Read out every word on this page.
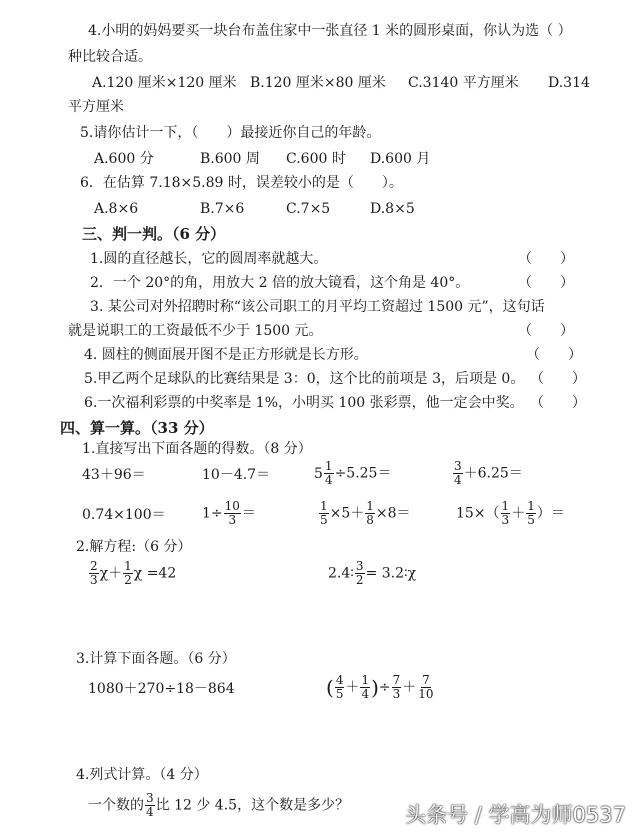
4.小明的妈妈要买一块台布盖住家中一张直径 1 米的圆形桌面，你认为选（ ）
种比较合适。
A.120 厘米×120 厘米 B.120 厘米×80 厘米 C.3140 平方厘米 D.314
平方厘米
5.请你估计一下，（　　）最接近你自己的年龄。
A.600 分	B.600 周 C.600 时 D.600 月
6．在估算 7.18×5.89 时，误差较小的是（　　）。
A.8×6	B.7×6	C.7×5	D.8×5
三、判一判。（6 分）
1.圆的直径越长，它的圆周率就越大。	（　　）
2．一个 20°的角，用放大 2 倍的放大镜看，这个角是 40°。	（　　）
3. 某公司对外招聘时称“该公司职工的月平均工资超过 1500 元”，这句话
就是说职工的工资最低不少于 1500 元。	（　　）
4. 圆柱的侧面展开图不是正方形就是长方形。	（　　）
5.甲乙两个足球队的比赛结果是 3：0，这个比的前项是 3，后项是 0。 （　　）
6.一次福利彩票的中奖率是 1%，小明买 100 张彩票，他一定会中奖。 （　　）
四、算一算。（33 分）
1.直接写出下面各题的得数。（8 分）
43＋96＝	10－4.7＝	$5 \frac{1}{4} \div 5.25=$	$\frac{3}{4} +6.25=$
0.74×100＝	$1\div \frac{10}{3}$ ＝	$\frac{1}{5} \times 5+ \frac{1}{8} \times 8=$	$15\times( \frac{1}{3} + \frac{1}{5}$ ）＝
2.解方程:（6 分）
$\frac{2}{3} \chi+ \frac{1}{2}$ χ =42	2.4∶ $\frac{3}{2}$ = 3.2∶χ
3.计算下面各题。（6 分）
1080＋270÷18－864	( $\frac{4}{5} + \frac{1}{4}$ )÷ $\frac{7}{3} + \frac{7}{10}$
4.列式计算。（4 分）
一个数的 $\frac{3}{4}$ 比 12 少 4.5，这个数是多少？	头条号 / 学高为师0537
